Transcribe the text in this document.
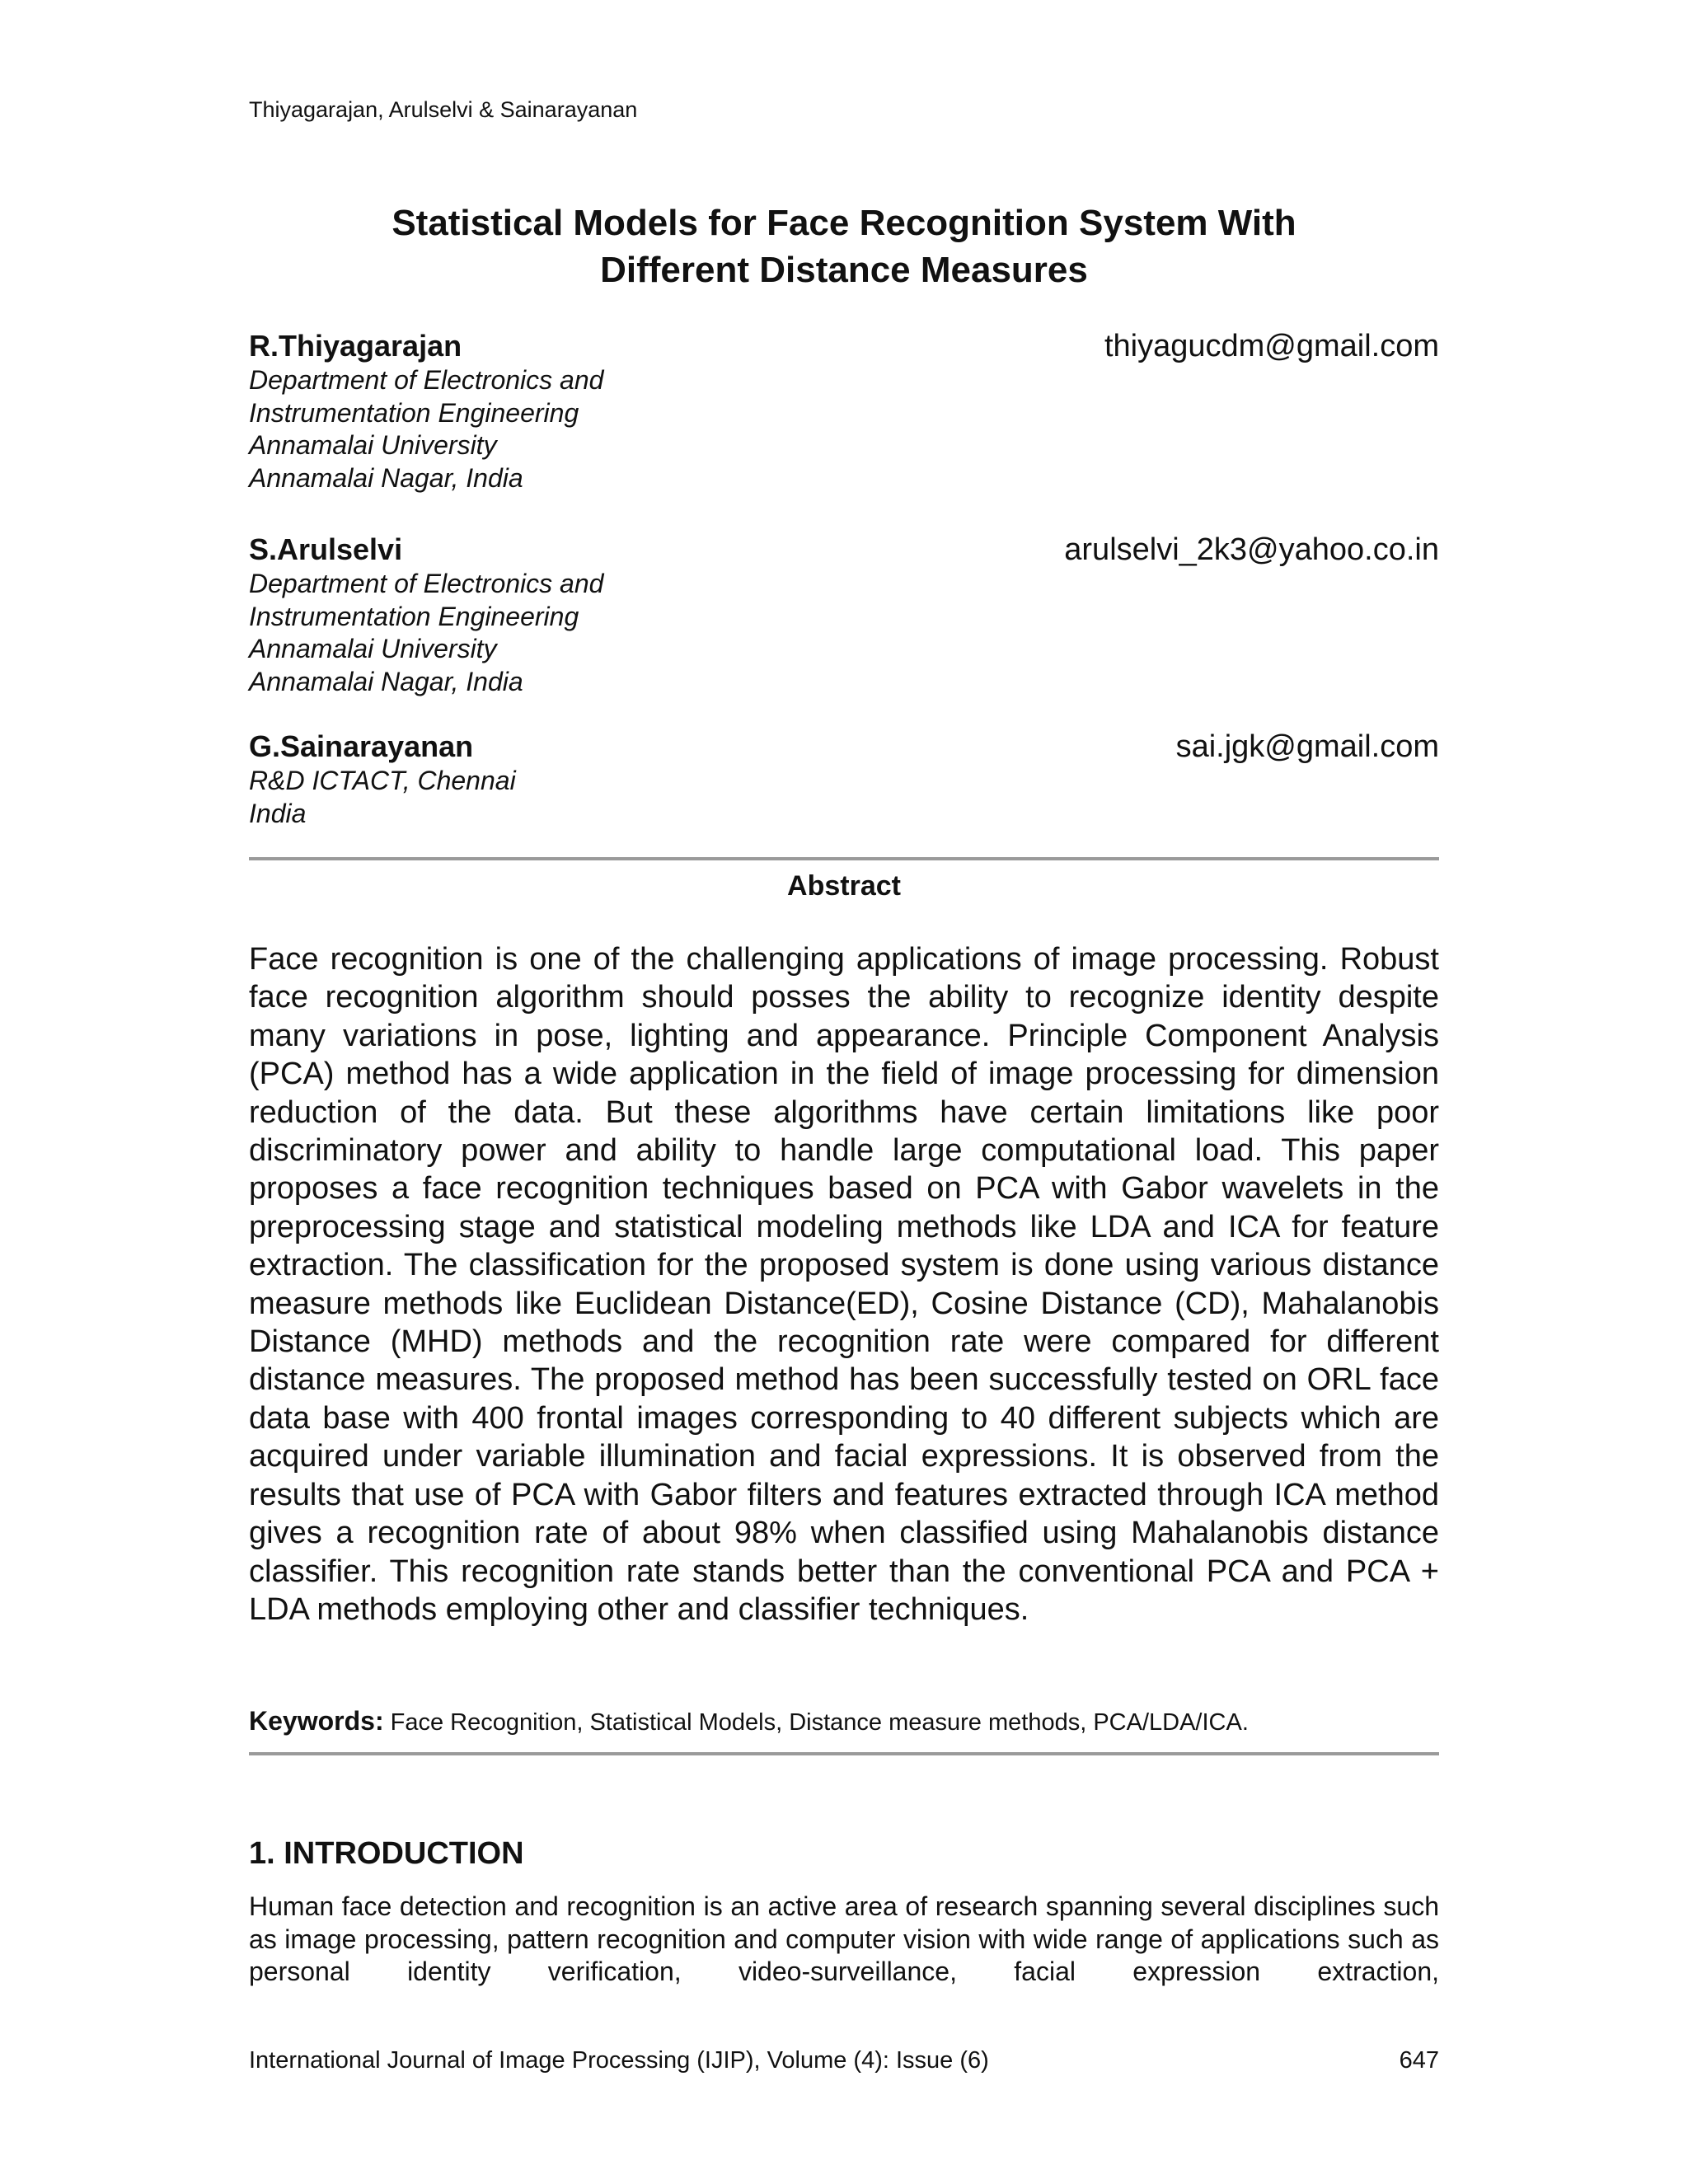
Thiyagarajan, Arulselvi & Sainarayanan
Statistical Models for Face Recognition System With
Different Distance Measures
R.Thiyagarajan	thiyagucdm@gmail.com
Department of Electronics and
Instrumentation Engineering
Annamalai University
Annamalai Nagar, India
S.Arulselvi	arulselvi_2k3@yahoo.co.in
Department of Electronics and
Instrumentation Engineering
Annamalai University
Annamalai Nagar, India
G.Sainarayanan	sai.jgk@gmail.com
R&D ICTACT, Chennai
India
Abstract
Face recognition is one of the challenging applications of image processing. Robust face recognition algorithm should posses the ability to recognize identity despite many variations in pose, lighting and appearance. Principle Component Analysis (PCA) method has a wide application in the field of image processing for dimension reduction of the data. But these algorithms have certain limitations like poor discriminatory power and ability to handle large computational load. This paper proposes a face recognition techniques based on PCA with Gabor wavelets in the preprocessing stage and statistical modeling methods like LDA and ICA for feature extraction. The classification for the proposed system is done using various distance measure methods like Euclidean Distance(ED), Cosine Distance (CD), Mahalanobis Distance (MHD) methods and the recognition rate were compared for different distance measures. The proposed method has been successfully tested on ORL face data base with 400 frontal images corresponding to 40 different subjects which are acquired under variable illumination and facial expressions. It is observed from the results that use of PCA with Gabor filters and features extracted through ICA method gives a recognition rate of about 98% when classified using Mahalanobis distance classifier. This recognition rate stands better than the conventional PCA and PCA + LDA methods employing other and classifier techniques.
Keywords: Face Recognition, Statistical Models, Distance measure methods, PCA/LDA/ICA.
1. INTRODUCTION
Human face detection and recognition is an active area of research spanning several disciplines such as image processing, pattern recognition and computer vision with wide range of applications such as personal identity verification, video-surveillance, facial expression extraction,
International Journal of Image Processing (IJIP), Volume (4): Issue (6)	647
